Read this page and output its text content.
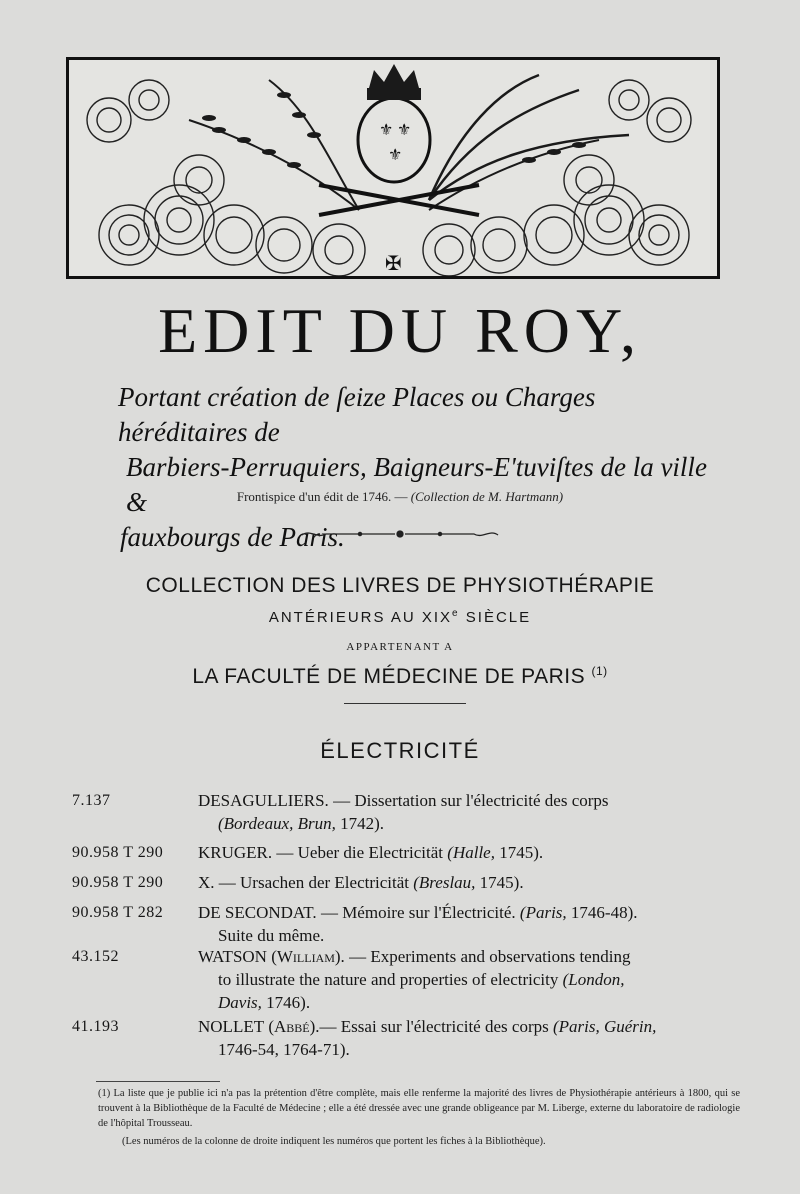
⚜ ⚜
⚜
✠
EDIT DU ROY,
Portant création de ſeize Places ou Charges héréditaires de
Barbiers-Perruquiers, Baigneurs-E'tuviſtes de la ville &
fauxbourgs de Paris.
Frontispice d'un édit de 1746. — (Collection de M. Hartmann)
COLLECTION DES LIVRES DE PHYSIOTHÉRAPIE
ANTÉRIEURS AU XIXe SIÈCLE
APPARTENANT A
LA FACULTÉ DE MÉDECINE DE PARIS $^{(1)}$
ÉLECTRICITÉ
7.137	DESAGULLIERS. — Dissertation sur l'électricité des corps
(Bordeaux, Brun, 1742).
90.958 T 290 KRUGER. — Ueber die Electricität (Halle, 1745).
90.958 T 290 X. — Ursachen der Electricität (Breslau, 1745).
90.958 T 282 DE SECONDAT. — Mémoire sur l'Électricité. (Paris, 1746-48).
Suite du même.
43.152	WATSON (William). — Experiments and observations tending
to illustrate the nature and properties of electricity (London,
Davis, 1746).
41.193	NOLLET (Abbé).— Essai sur l'électricité des corps (Paris, Guérin,
1746-54, 1764-71).

(1) La liste que je publie ici n'a pas la prétention d'être complète, mais elle renferme la majorité des livres de Physiothérapie antérieurs à 1800, qui se trouvent à la Bibliothèque de la Faculté de Médecine ; elle a été dressée avec une grande obligeance par M. Liberge, externe du laboratoire de radiologie de l'hôpital Trousseau.

(Les numéros de la colonne de droite indiquent les numéros que portent les fiches à la Bibliothèque).
